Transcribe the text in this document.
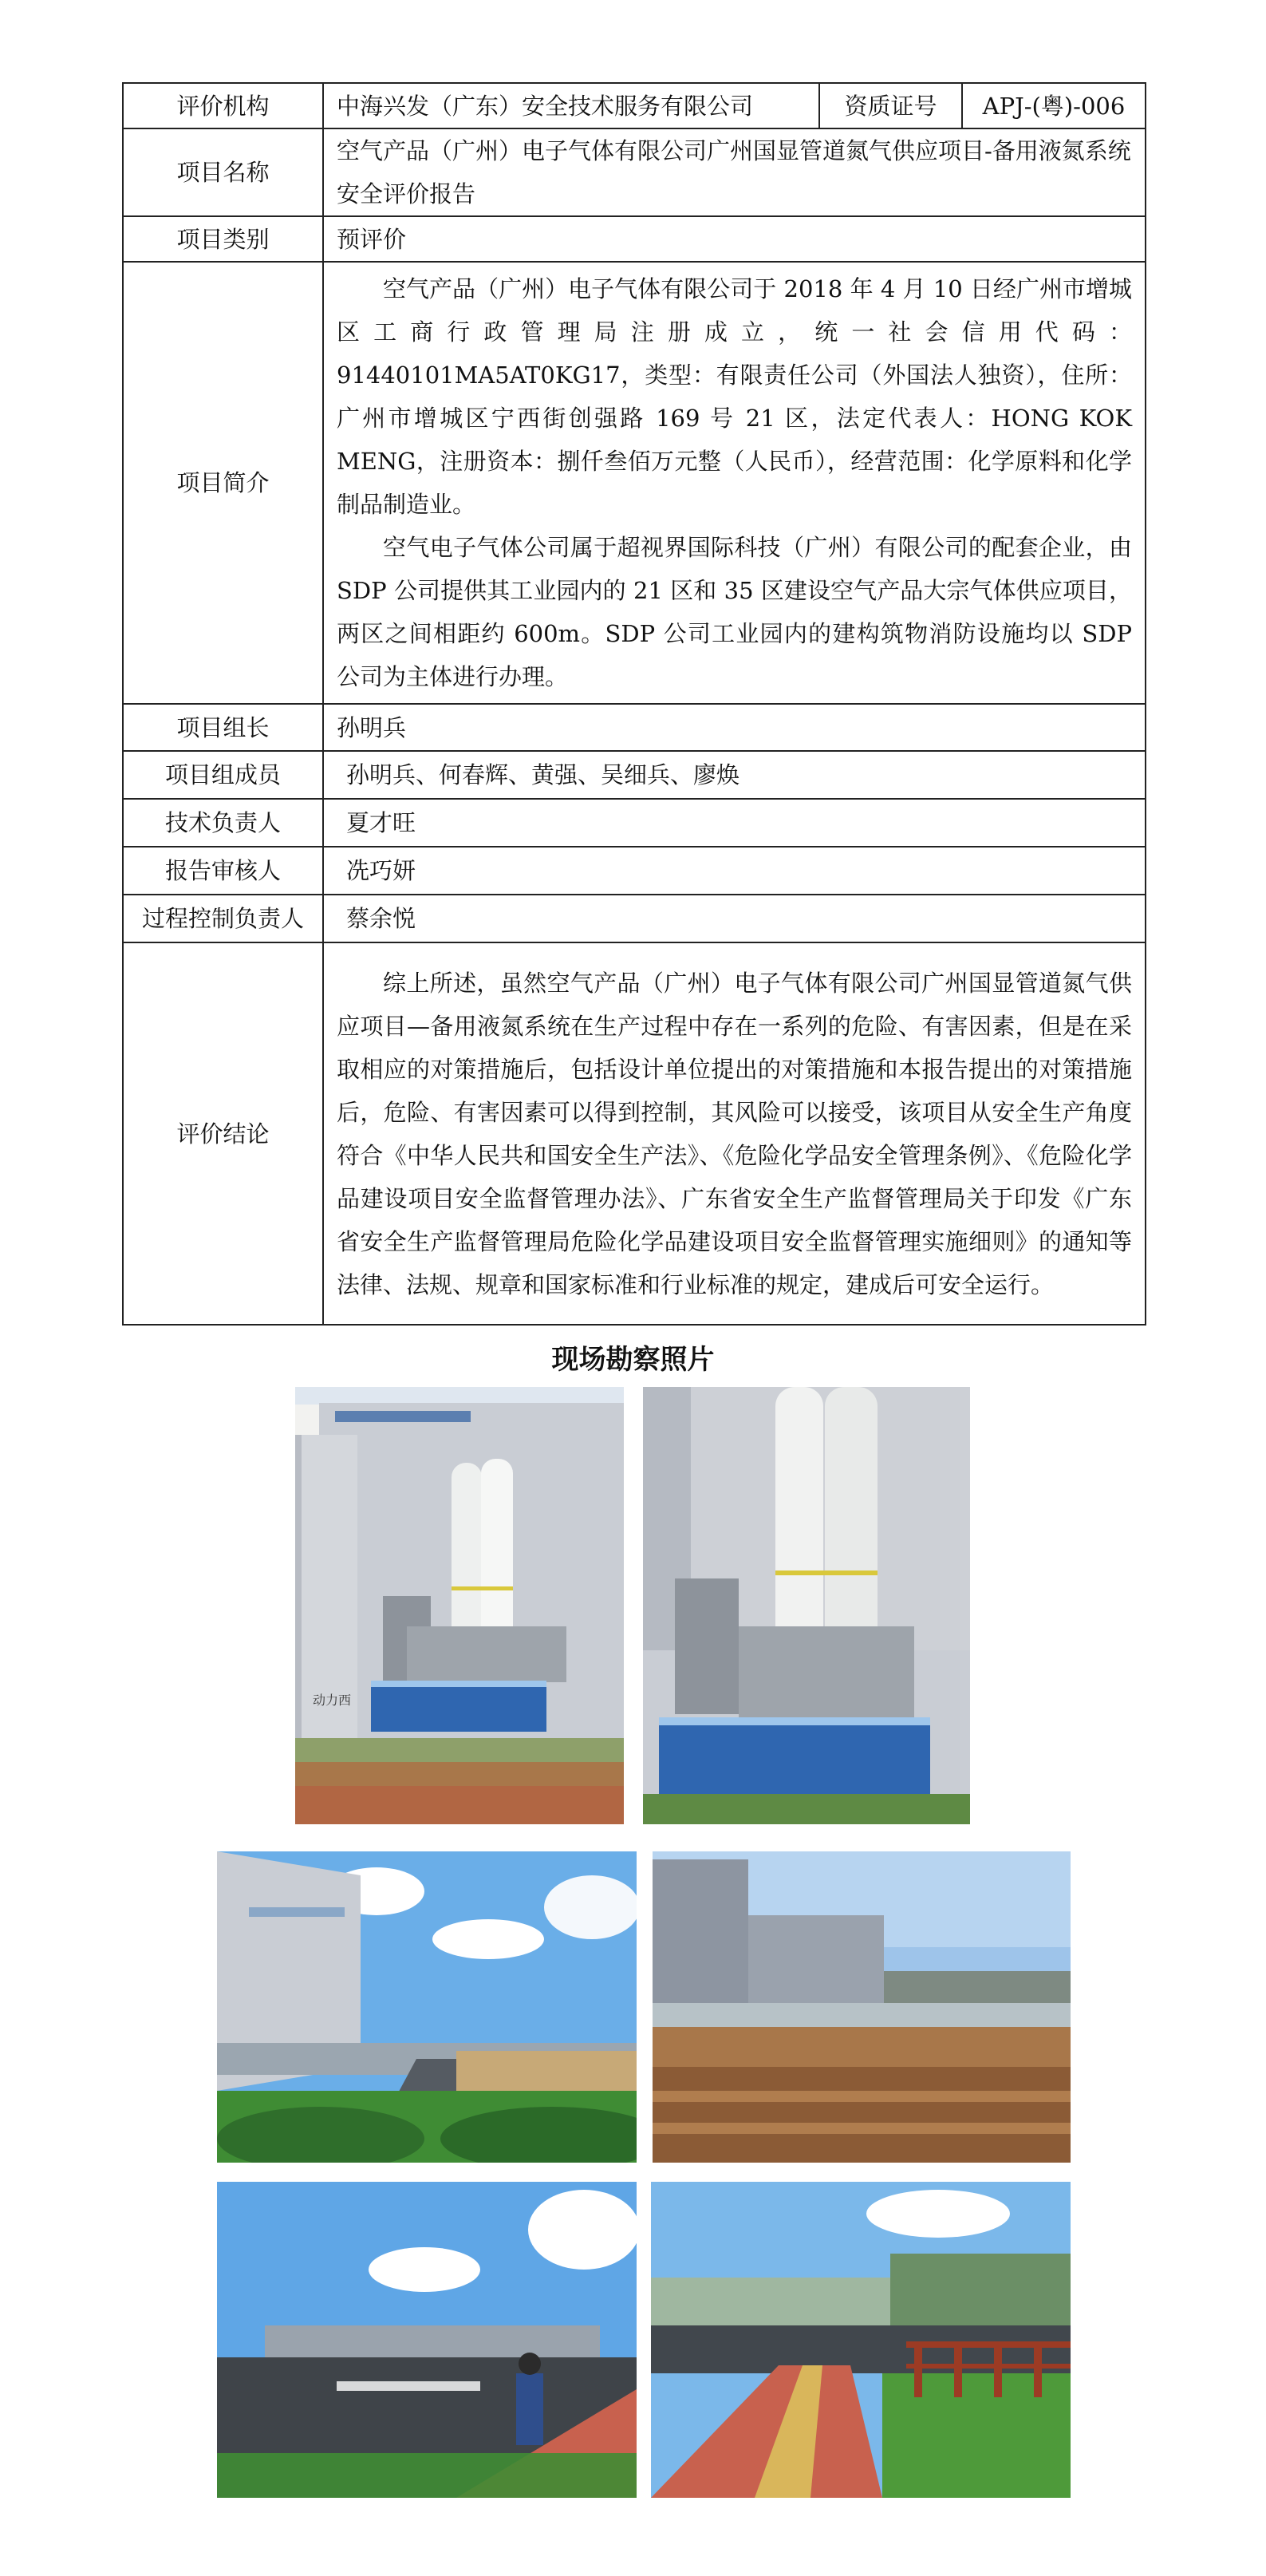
评价机构	中海兴发（广东）安全技术服务有限公司	资质证号	APJ-(粤)-006
项目名称	空气产品（广州）电子气体有限公司广州国显管道氮气供应项目-备用液氮系统安全评价报告		
项目类别	预评价		
项目简介	空气产品（广州）电子气体有限公司于 2018 年 4 月 10 日经广州市增城区工商行政管理局注册成立，统一社会信用代码：91440101MA5AT0KG17，类型：有限责任公司（外国法人独资），住所：广州市增城区宁西街创强路 169 号 21 区，法定代表人：HONG KOK MENG，注册资本：捌仟叁佰万元整（人民币），经营范围：化学原料和化学制品制造业。

空气电子气体公司属于超视界国际科技（广州）有限公司的配套企业，由 SDP 公司提供其工业园内的 21 区和 35 区建设空气产品大宗气体供应项目，两区之间相距约 600m。SDP 公司工业园内的建构筑物消防设施均以 SDP 公司为主体进行办理。		

项目组长	孙明兵		
项目组成员	孙明兵、何春辉、黄强、吴细兵、廖焕		
技术负责人	夏才旺		
报告审核人	冼巧妍		
过程控制负责人	蔡余悦		
评价结论	综上所述，虽然空气产品（广州）电子气体有限公司广州国显管道氮气供应项目—备用液氮系统在生产过程中存在一系列的危险、有害因素，但是在采取相应的对策措施后，包括设计单位提出的对策措施和本报告提出的对策措施后，危险、有害因素可以得到控制，其风险可以接受，该项目从安全生产角度符合《中华人民共和国安全生产法》、《危险化学品安全管理条例》、《危险化学品建设项目安全监督管理办法》、广东省安全生产监督管理局关于印发《广东省安全生产监督管理局危险化学品建设项目安全监督管理实施细则》的通知等法律、法规、规章和国家标准和行业标准的规定，建成后可安全运行。		

现场勘察照片
动力西
